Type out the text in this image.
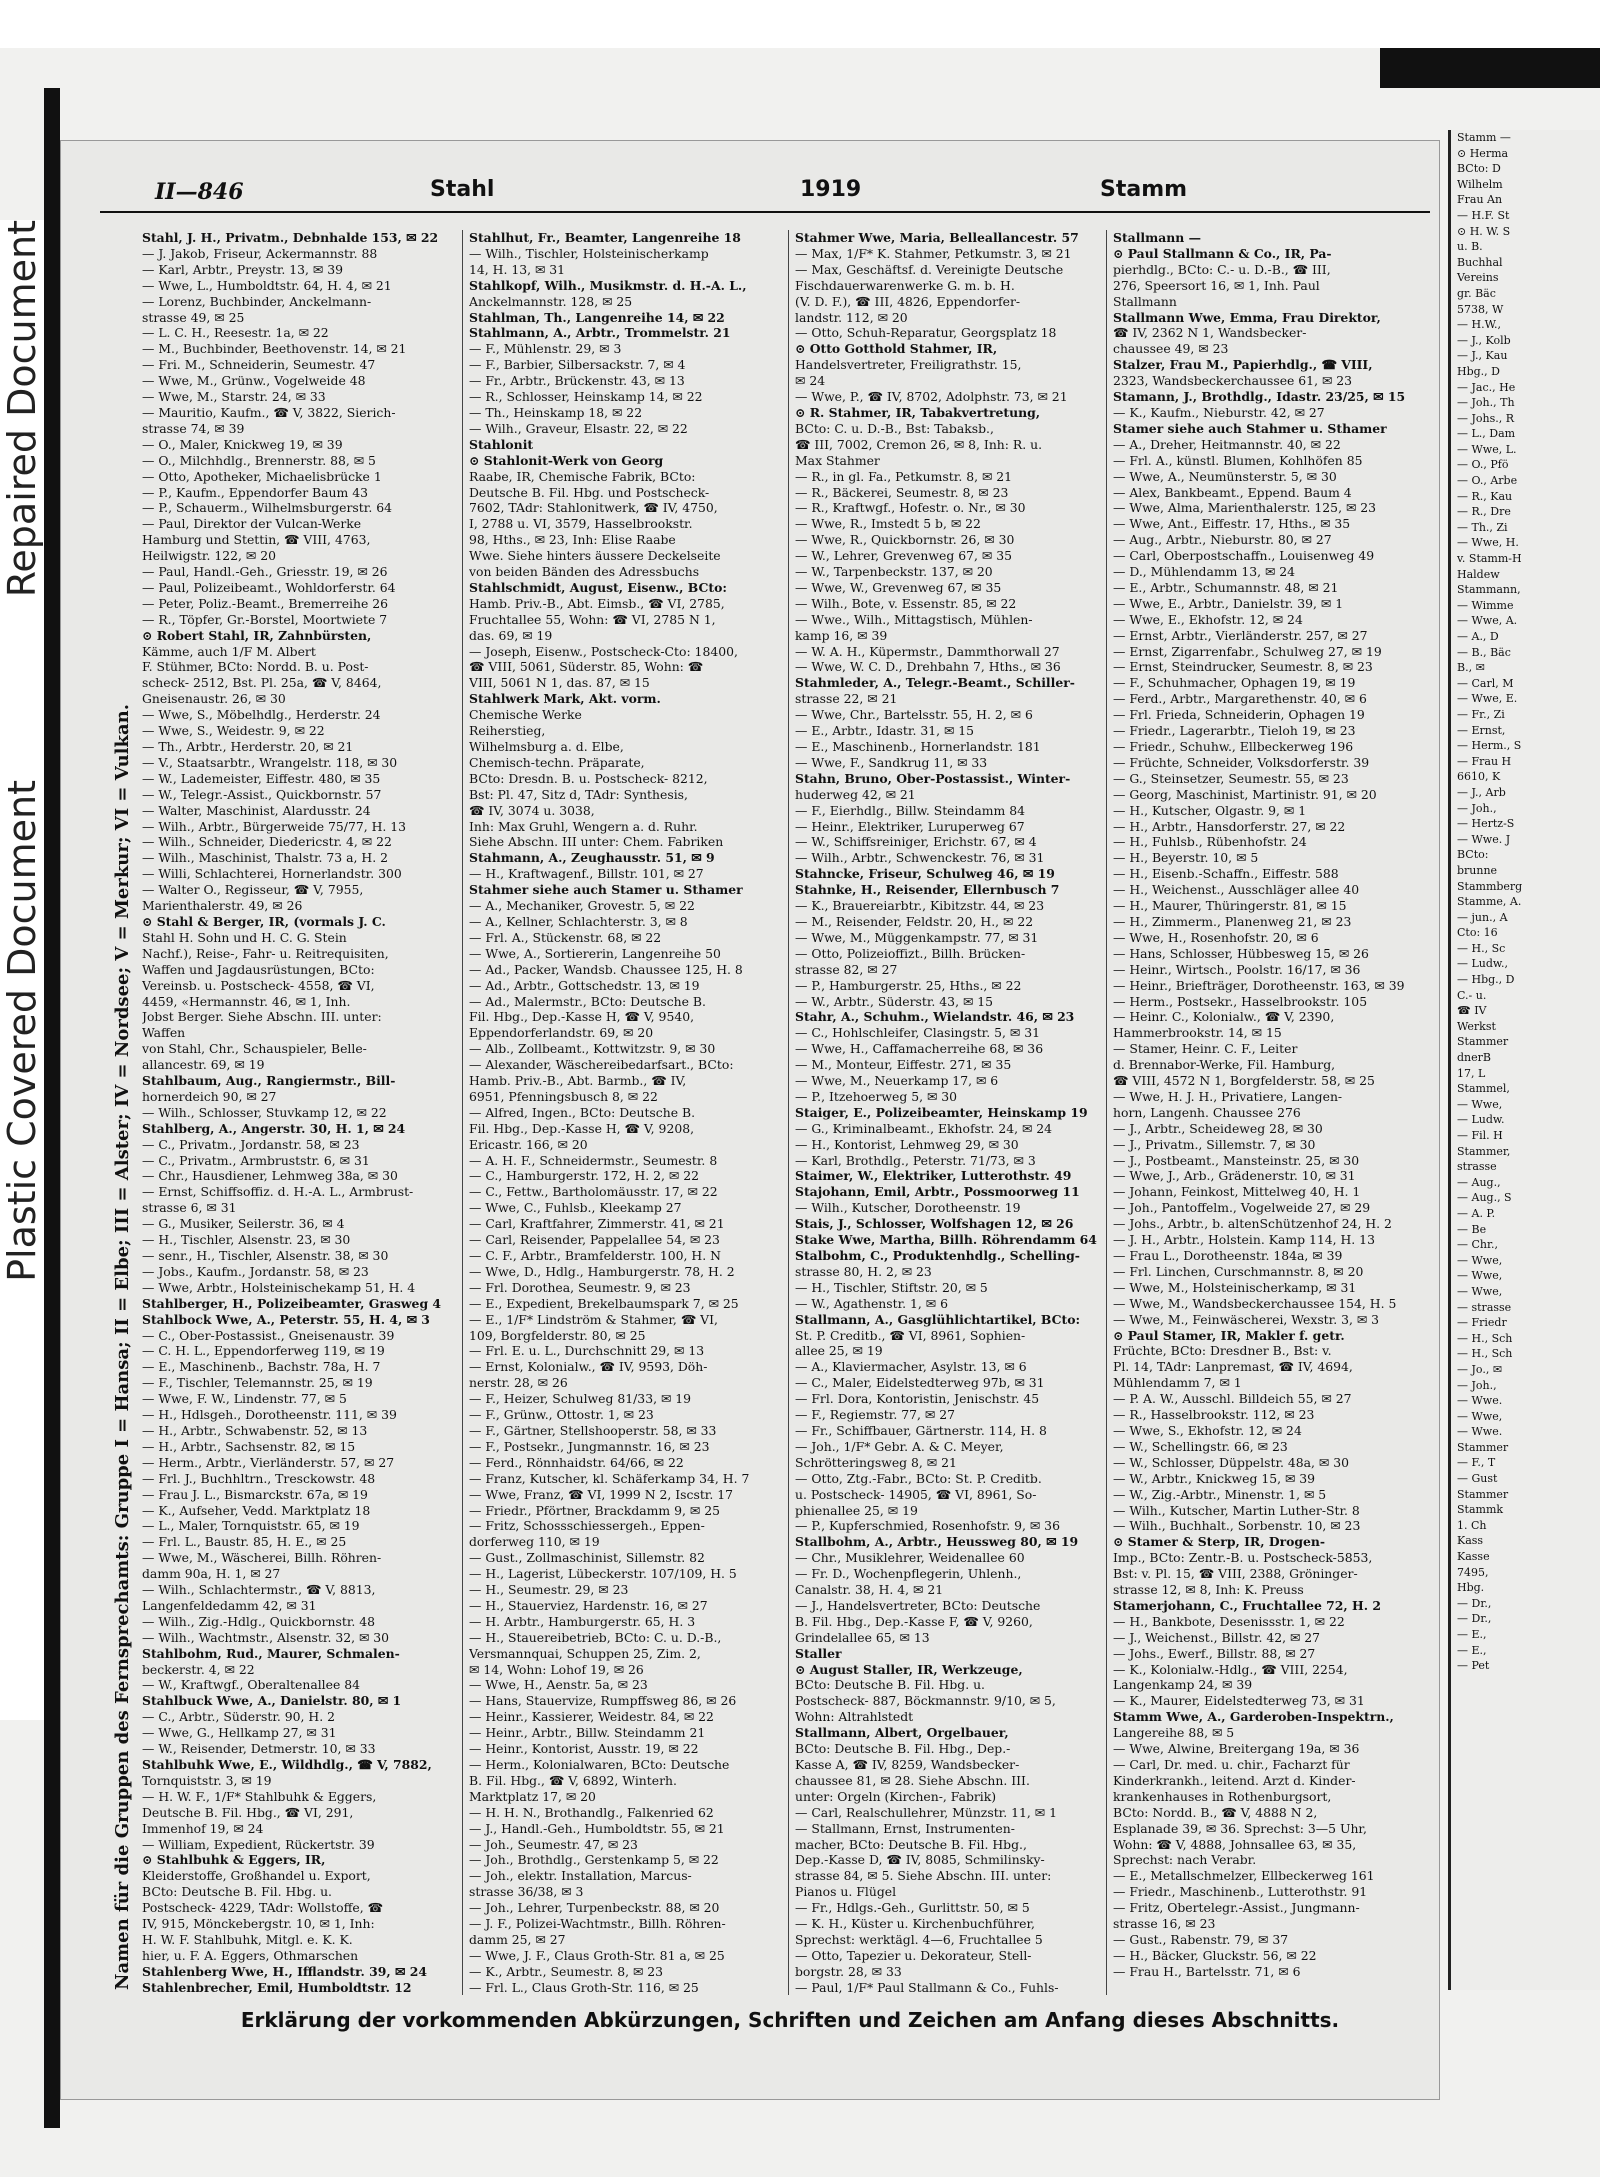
Repaired Document
Plastic Covered Document
II—846	Stahl	1919	Stamm
Namen für die Gruppen des Fernsprechamts: Gruppe I = Hansa; II = Elbe; III = Alster; IV = Nordsee; V = Merkur; VI = Vulkan.
Stahl, J. H., Privatm., Debnhalde 153, ✉ 22
— J. Jakob, Friseur, Ackermannstr. 88
— Karl, Arbtr., Preystr. 13, ✉ 39
— Wwe, L., Humboldtstr. 64, H. 4, ✉ 21
— Lorenz, Buchbinder, Anckelmann-
strasse 49, ✉ 25
— L. C. H., Reesestr. 1a, ✉ 22
— M., Buchbinder, Beethovenstr. 14, ✉ 21
— Fri. M., Schneiderin, Seumestr. 47
— Wwe, M., Grünw., Vogelweide 48
— Wwe, M., Starstr. 24, ✉ 33
— Mauritio, Kaufm., ☎ V, 3822, Sierich-
strasse 74, ✉ 39
— O., Maler, Knickweg 19, ✉ 39
— O., Milchhdlg., Brennerstr. 88, ✉ 5
— Otto, Apotheker, Michaelisbrücke 1
— P., Kaufm., Eppendorfer Baum 43
— P., Schauerm., Wilhelmsburgerstr. 64
— Paul, Direktor der Vulcan-Werke
Hamburg und Stettin, ☎ VIII, 4763,
Heilwigstr. 122, ✉ 20
— Paul, Handl.-Geh., Griesstr. 19, ✉ 26
— Paul, Polizeibeamt., Wohldorferstr. 64
— Peter, Poliz.-Beamt., Bremerreihe 26
— R., Töpfer, Gr.-Borstel, Moortwiete 7
⊙ Robert Stahl, IR, Zahnbürsten,
Kämme, auch 1/F M. Albert
F. Stühmer, BCto: Nordd. B. u. Post-
scheck- 2512, Bst. Pl. 25a, ☎ V, 8464,
Gneisenaustr. 26, ✉ 30
— Wwe, S., Möbelhdlg., Herderstr. 24
— Wwe, S., Weidestr. 9, ✉ 22
— Th., Arbtr., Herderstr. 20, ✉ 21
— V., Staatsarbtr., Wrangelstr. 118, ✉ 30
— W., Lademeister, Eiffestr. 480, ✉ 35
— W., Telegr.-Assist., Quickbornstr. 57
— Walter, Maschinist, Alardusstr. 24
— Wilh., Arbtr., Bürgerweide 75/77, H. 13
— Wilh., Schneider, Diedericstr. 4, ✉ 22
— Wilh., Maschinist, Thalstr. 73 a, H. 2
— Willi, Schlachterei, Hornerlandstr. 300
— Walter O., Regisseur, ☎ V, 7955,
Marienthalerstr. 49, ✉ 26
⊙ Stahl & Berger, IR, (vormals J. C.
Stahl H. Sohn und H. C. G. Stein
Nachf.), Reise-, Fahr- u. Reitrequisiten,
Waffen und Jagdausrüstungen, BCto:
Vereinsb. u. Postscheck- 4558, ☎ VI,
4459, «Hermannstr. 46, ✉ 1, Inh.
Jobst Berger. Siehe Abschn. III. unter:
Waffen
von Stahl, Chr., Schauspieler, Belle-
allancestr. 69, ✉ 19
Stahlbaum, Aug., Rangiermstr., Bill-
hornerdeich 90, ✉ 27
— Wilh., Schlosser, Stuvkamp 12, ✉ 22
Stahlberg, A., Angerstr. 30, H. 1, ✉ 24
— C., Privatm., Jordanstr. 58, ✉ 23
— C., Privatm., Armbruststr. 6, ✉ 31
— Chr., Hausdiener, Lehmweg 38a, ✉ 30
— Ernst, Schiffsoffiz. d. H.-A. L., Armbrust-
strasse 6, ✉ 31
— G., Musiker, Seilerstr. 36, ✉ 4
— H., Tischler, Alsenstr. 23, ✉ 30
— senr., H., Tischler, Alsenstr. 38, ✉ 30
— Jobs., Kaufm., Jordanstr. 58, ✉ 23
— Wwe, Arbtr., Holsteinischekamp 51, H. 4
Stahlberger, H., Polizeibeamter, Grasweg 4
Stahlbock Wwe, A., Peterstr. 55, H. 4, ✉ 3
— C., Ober-Postassist., Gneisenaustr. 39
— C. H. L., Eppendorferweg 119, ✉ 19
— E., Maschinenb., Bachstr. 78a, H. 7
— F., Tischler, Telemannstr. 25, ✉ 19
— Wwe, F. W., Lindenstr. 77, ✉ 5
— H., Hdlsgeh., Dorotheenstr. 111, ✉ 39
— H., Arbtr., Schwabenstr. 52, ✉ 13
— H., Arbtr., Sachsenstr. 82, ✉ 15
— Herm., Arbtr., Vierländerstr. 57, ✉ 27
— Frl. J., Buchhltrn., Tresckowstr. 48
— Frau J. L., Bismarckstr. 67a, ✉ 19
— K., Aufseher, Vedd. Marktplatz 18
— L., Maler, Tornquiststr. 65, ✉ 19
— Frl. L., Baustr. 85, H. E., ✉ 25
— Wwe, M., Wäscherei, Billh. Röhren-
damm 90a, H. 1, ✉ 27
— Wilh., Schlachtermstr., ☎ V, 8813,
Langenfeldedamm 42, ✉ 31
— Wilh., Zig.-Hdlg., Quickbornstr. 48
— Wilh., Wachtmstr., Alsenstr. 32, ✉ 30
Stahlbohm, Rud., Maurer, Schmalen-
beckerstr. 4, ✉ 22
— W., Kraftwgf., Oberaltenallee 84
Stahlbuck Wwe, A., Danielstr. 80, ✉ 1
— C., Arbtr., Süderstr. 90, H. 2
— Wwe, G., Hellkamp 27, ✉ 31
— W., Reisender, Detmerstr. 10, ✉ 33
Stahlbuhk Wwe, E., Wildhdlg., ☎ V, 7882,
Tornquiststr. 3, ✉ 19
— H. W. F., 1/F* Stahlbuhk & Eggers,
Deutsche B. Fil. Hbg., ☎ VI, 291,
Immenhof 19, ✉ 24
— William, Expedient, Rückertstr. 39
⊙ Stahlbuhk & Eggers, IR,
Kleiderstoffe, Großhandel u. Export,
BCto: Deutsche B. Fil. Hbg. u.
Postscheck- 4229, TAdr: Wollstoffe, ☎
IV, 915, Mönckebergstr. 10, ✉ 1, Inh:
H. W. F. Stahlbuhk, Mitgl. e. K. K.
hier, u. F. A. Eggers, Othmarschen
Stahlenberg Wwe, H., Ifflandstr. 39, ✉ 24
Stahlenbrecher, Emil, Humboldtstr. 12
Stahlhut, Fr., Beamter, Langenreihe 18
— Wilh., Tischler, Holsteinischerkamp
14, H. 13, ✉ 31
Stahlkopf, Wilh., Musikmstr. d. H.-A. L.,
Anckelmannstr. 128, ✉ 25
Stahlman, Th., Langenreihe 14, ✉ 22
Stahlmann, A., Arbtr., Trommelstr. 21
— F., Mühlenstr. 29, ✉ 3
— F., Barbier, Silbersackstr. 7, ✉ 4
— Fr., Arbtr., Brückenstr. 43, ✉ 13
— R., Schlosser, Heinskamp 14, ✉ 22
— Th., Heinskamp 18, ✉ 22
— Wilh., Graveur, Elsastr. 22, ✉ 22
Stahlonit
⊙ Stahlonit-Werk von Georg
Raabe, IR, Chemische Fabrik, BCto:
Deutsche B. Fil. Hbg. und Postscheck-
7602, TAdr: Stahlonitwerk, ☎ IV, 4750,
I, 2788 u. VI, 3579, Hasselbrookstr.
98, Hths., ✉ 23, Inh: Elise Raabe
Wwe. Siehe hinters äussere Deckelseite
von beiden Bänden des Adressbuchs
Stahlschmidt, August, Eisenw., BCto:
Hamb. Priv.-B., Abt. Eimsb., ☎ VI, 2785,
Fruchtallee 55, Wohn: ☎ VI, 2785 N 1,
das. 69, ✉ 19
— Joseph, Eisenw., Postscheck-Cto: 18400,
☎ VIII, 5061, Süderstr. 85, Wohn: ☎
VIII, 5061 N 1, das. 87, ✉ 15
Stahlwerk Mark, Akt. vorm.
Chemische Werke
Reiherstieg,
Wilhelmsburg a. d. Elbe,
Chemisch-techn. Präparate,
BCto: Dresdn. B. u. Postscheck- 8212,
Bst: Pl. 47, Sitz d, TAdr: Synthesis,
☎ IV, 3074 u. 3038,
Inh: Max Gruhl, Wengern a. d. Ruhr.
Siehe Abschn. III unter: Chem. Fabriken
Stahmann, A., Zeughausstr. 51, ✉ 9
— H., Kraftwagenf., Billstr. 101, ✉ 27
Stahmer siehe auch Stamer u. Sthamer
— A., Mechaniker, Grovestr. 5, ✉ 22
— A., Kellner, Schlachterstr. 3, ✉ 8
— Frl. A., Stückenstr. 68, ✉ 22
— Wwe, A., Sortiererin, Langenreihe 50
— Ad., Packer, Wandsb. Chaussee 125, H. 8
— Ad., Arbtr., Gottschedstr. 13, ✉ 19
— Ad., Malermstr., BCto: Deutsche B.
Fil. Hbg., Dep.-Kasse H, ☎ V, 9540,
Eppendorferlandstr. 69, ✉ 20
— Alb., Zollbeamt., Kottwitzstr. 9, ✉ 30
— Alexander, Wäschereibedarfsart., BCto:
Hamb. Priv.-B., Abt. Barmb., ☎ IV,
6951, Pfenningsbusch 8, ✉ 22
— Alfred, Ingen., BCto: Deutsche B.
Fil. Hbg., Dep.-Kasse H, ☎ V, 9208,
Ericastr. 166, ✉ 20
— A. H. F., Schneidermstr., Seumestr. 8
— C., Hamburgerstr. 172, H. 2, ✉ 22
— C., Fettw., Bartholomäusstr. 17, ✉ 22
— Wwe, C., Fuhlsb., Kleekamp 27
— Carl, Kraftfahrer, Zimmerstr. 41, ✉ 21
— Carl, Reisender, Pappelallee 54, ✉ 23
— C. F., Arbtr., Bramfelderstr. 100, H. N
— Wwe, D., Hdlg., Hamburgerstr. 78, H. 2
— Frl. Dorothea, Seumestr. 9, ✉ 23
— E., Expedient, Brekelbaumspark 7, ✉ 25
— E., 1/F* Lindström & Stahmer, ☎ VI,
109, Borgfelderstr. 80, ✉ 25
— Frl. E. u. L., Durchschnitt 29, ✉ 13
— Ernst, Kolonialw., ☎ IV, 9593, Döh-
nerstr. 28, ✉ 26
— F., Heizer, Schulweg 81/33, ✉ 19
— F., Grünw., Ottostr. 1, ✉ 23
— F., Gärtner, Stellshooperstr. 58, ✉ 33
— F., Postsekr., Jungmannstr. 16, ✉ 23
— Ferd., Rönnhaidstr. 64/66, ✉ 22
— Franz, Kutscher, kl. Schäferkamp 34, H. 7
— Wwe, Franz, ☎ VI, 1999 N 2, Iscstr. 17
— Friedr., Pförtner, Brackdamm 9, ✉ 25
— Fritz, Schossschiessergeh., Eppen-
dorferweg 110, ✉ 19
— Gust., Zollmaschinist, Sillemstr. 82
— H., Lagerist, Lübeckerstr. 107/109, H. 5
— H., Seumestr. 29, ✉ 23
— H., Stauerviez, Hardenstr. 16, ✉ 27
— H. Arbtr., Hamburgerstr. 65, H. 3
— H., Stauereibetrieb, BCto: C. u. D.-B.,
Versmannquai, Schuppen 25, Zim. 2,
✉ 14, Wohn: Lohof 19, ✉ 26
— Wwe, H., Aenstr. 5a, ✉ 23
— Hans, Stauervize, Rumpffsweg 86, ✉ 26
— Heinr., Kassierer, Weidestr. 84, ✉ 22
— Heinr., Arbtr., Billw. Steindamm 21
— Heinr., Kontorist, Ausstr. 19, ✉ 22
— Herm., Kolonialwaren, BCto: Deutsche
B. Fil. Hbg., ☎ V, 6892, Winterh.
Marktplatz 17, ✉ 20
— H. H. N., Brothandlg., Falkenried 62
— J., Handl.-Geh., Humboldtstr. 55, ✉ 21
— Joh., Seumestr. 47, ✉ 23
— Joh., Brothdlg., Gerstenkamp 5, ✉ 22
— Joh., elektr. Installation, Marcus-
strasse 36/38, ✉ 3
— Joh., Lehrer, Turpenbeckstr. 88, ✉ 20
— J. F., Polizei-Wachtmstr., Billh. Röhren-
damm 25, ✉ 27
— Wwe, J. F., Claus Groth-Str. 81 a, ✉ 25
— K., Arbtr., Seumestr. 8, ✉ 23
— Frl. L., Claus Groth-Str. 116, ✉ 25
Stahmer Wwe, Maria, Belleallancestr. 57
— Max, 1/F* K. Stahmer, Petkumstr. 3, ✉ 21
— Max, Geschäftsf. d. Vereinigte Deutsche
Fischdauerwarenwerke G. m. b. H.
(V. D. F.), ☎ III, 4826, Eppendorfer-
landstr. 112, ✉ 20
— Otto, Schuh-Reparatur, Georgsplatz 18
⊙ Otto Gotthold Stahmer, IR,
Handelsvertreter, Freiligrathstr. 15,
✉ 24
— Wwe, P., ☎ IV, 8702, Adolphstr. 73, ✉ 21
⊙ R. Stahmer, IR, Tabakvertretung,
BCto: C. u. D.-B., Bst: Tabaksb.,
☎ III, 7002, Cremon 26, ✉ 8, Inh: R. u.
Max Stahmer
— R., in gl. Fa., Petkumstr. 8, ✉ 21
— R., Bäckerei, Seumestr. 8, ✉ 23
— R., Kraftwgf., Hofestr. o. Nr., ✉ 30
— Wwe, R., Imstedt 5 b, ✉ 22
— Wwe, R., Quickbornstr. 26, ✉ 30
— W., Lehrer, Grevenweg 67, ✉ 35
— W., Tarpenbeckstr. 137, ✉ 20
— Wwe, W., Grevenweg 67, ✉ 35
— Wilh., Bote, v. Essenstr. 85, ✉ 22
— Wwe., Wilh., Mittagstisch, Mühlen-
kamp 16, ✉ 39
— W. A. H., Küpermstr., Dammthorwall 27
— Wwe, W. C. D., Drehbahn 7, Hths., ✉ 36
Stahmleder, A., Telegr.-Beamt., Schiller-
strasse 22, ✉ 21
— Wwe, Chr., Bartelsstr. 55, H. 2, ✉ 6
— E., Arbtr., Idastr. 31, ✉ 15
— E., Maschinenb., Hornerlandstr. 181
— Wwe, F., Sandkrug 11, ✉ 33
Stahn, Bruno, Ober-Postassist., Winter-
huderweg 42, ✉ 21
— F., Eierhdlg., Billw. Steindamm 84
— Heinr., Elektriker, Luruperweg 67
— W., Schiffsreiniger, Erichstr. 67, ✉ 4
— Wilh., Arbtr., Schwenckestr. 76, ✉ 31
Stahncke, Friseur, Schulweg 46, ✉ 19
Stahnke, H., Reisender, Ellernbusch 7
— K., Brauereiarbtr., Kibitzstr. 44, ✉ 23
— M., Reisender, Feldstr. 20, H., ✉ 22
— Wwe, M., Müggenkampstr. 77, ✉ 31
— Otto, Polizeioffizt., Billh. Brücken-
strasse 82, ✉ 27
— P., Hamburgerstr. 25, Hths., ✉ 22
— W., Arbtr., Süderstr. 43, ✉ 15
Stahr, A., Schuhm., Wielandstr. 46, ✉ 23
— C., Hohlschleifer, Clasingstr. 5, ✉ 31
— Wwe, H., Caffamacherreihe 68, ✉ 36
— M., Monteur, Eiffestr. 271, ✉ 35
— Wwe, M., Neuerkamp 17, ✉ 6
— P., Itzehoerweg 5, ✉ 30
Staiger, E., Polizeibeamter, Heinskamp 19
— G., Kriminalbeamt., Ekhofstr. 24, ✉ 24
— H., Kontorist, Lehmweg 29, ✉ 30
— Karl, Brothdlg., Peterstr. 71/73, ✉ 3
Staimer, W., Elektriker, Lutterothstr. 49
Stajohann, Emil, Arbtr., Possmoorweg 11
— Wilh., Kutscher, Dorotheenstr. 19
Stais, J., Schlosser, Wolfshagen 12, ✉ 26
Stake Wwe, Martha, Billh. Röhrendamm 64
Stalbohm, C., Produktenhdlg., Schelling-
strasse 80, H. 2, ✉ 23
— H., Tischler, Stiftstr. 20, ✉ 5
— W., Agathenstr. 1, ✉ 6
Stallmann, A., Gasglühlichtartikel, BCto:
St. P. Creditb., ☎ VI, 8961, Sophien-
allee 25, ✉ 19
— A., Klaviermacher, Asylstr. 13, ✉ 6
— C., Maler, Eidelstedterweg 97b, ✉ 31
— Frl. Dora, Kontoristin, Jenischstr. 45
— F., Regiemstr. 77, ✉ 27
— Fr., Schiffbauer, Gärtnerstr. 114, H. 8
— Joh., 1/F* Gebr. A. & C. Meyer,
Schrötteringsweg 8, ✉ 21
— Otto, Ztg.-Fabr., BCto: St. P. Creditb.
u. Postscheck- 14905, ☎ VI, 8961, So-
phienallee 25, ✉ 19
— P., Kupferschmied, Rosenhofstr. 9, ✉ 36
Stallbohm, A., Arbtr., Heussweg 80, ✉ 19
— Chr., Musiklehrer, Weidenallee 60
— Fr. D., Wochenpflegerin, Uhlenh.,
Canalstr. 38, H. 4, ✉ 21
— J., Handelsvertreter, BCto: Deutsche
B. Fil. Hbg., Dep.-Kasse F, ☎ V, 9260,
Grindelallee 65, ✉ 13
Staller
⊙ August Staller, IR, Werkzeuge,
BCto: Deutsche B. Fil. Hbg. u.
Postscheck- 887, Böckmannstr. 9/10, ✉ 5,
Wohn: Altrahlstedt
Stallmann, Albert, Orgelbauer,
BCto: Deutsche B. Fil. Hbg., Dep.-
Kasse A, ☎ IV, 8259, Wandsbecker-
chaussee 81, ✉ 28. Siehe Abschn. III.
unter: Orgeln (Kirchen-, Fabrik)
— Carl, Realschullehrer, Münzstr. 11, ✉ 1
— Stallmann, Ernst, Instrumenten-
macher, BCto: Deutsche B. Fil. Hbg.,
Dep.-Kasse D, ☎ IV, 8085, Schmilinsky-
strasse 84, ✉ 5. Siehe Abschn. III. unter:
Pianos u. Flügel
— Fr., Hdlgs.-Geh., Gurlittstr. 50, ✉ 5
— K. H., Küster u. Kirchenbuchführer,
Sprechst: werktägl. 4—6, Fruchtallee 5
— Otto, Tapezier u. Dekorateur, Stell-
borgstr. 28, ✉ 33
— Paul, 1/F* Paul Stallmann & Co., Fuhls-
Stallmann —
⊙ Paul Stallmann & Co., IR, Pa-
pierhdlg., BCto: C.- u. D.-B., ☎ III,
276, Speersort 16, ✉ 1, Inh. Paul
Stallmann
Stallmann Wwe, Emma, Frau Direktor,
☎ IV, 2362 N 1, Wandsbecker-
chaussee 49, ✉ 23
Stalzer, Frau M., Papierhdlg., ☎ VIII,
2323, Wandsbeckerchaussee 61, ✉ 23
Stamann, J., Brothdlg., Idastr. 23/25, ✉ 15
— K., Kaufm., Nieburstr. 42, ✉ 27
Stamer siehe auch Stahmer u. Sthamer
— A., Dreher, Heitmannstr. 40, ✉ 22
— Frl. A., künstl. Blumen, Kohlhöfen 85
— Wwe, A., Neumünsterstr. 5, ✉ 30
— Alex, Bankbeamt., Eppend. Baum 4
— Wwe, Alma, Marienthalerstr. 125, ✉ 23
— Wwe, Ant., Eiffestr. 17, Hths., ✉ 35
— Aug., Arbtr., Nieburstr. 80, ✉ 27
— Carl, Oberpostschaffn., Louisenweg 49
— D., Mühlendamm 13, ✉ 24
— E., Arbtr., Schumannstr. 48, ✉ 21
— Wwe, E., Arbtr., Danielstr. 39, ✉ 1
— Wwe, E., Ekhofstr. 12, ✉ 24
— Ernst, Arbtr., Vierländerstr. 257, ✉ 27
— Ernst, Zigarrenfabr., Schulweg 27, ✉ 19
— Ernst, Steindrucker, Seumestr. 8, ✉ 23
— F., Schuhmacher, Ophagen 19, ✉ 19
— Ferd., Arbtr., Margarethenstr. 40, ✉ 6
— Frl. Frieda, Schneiderin, Ophagen 19
— Friedr., Lagerarbtr., Tieloh 19, ✉ 23
— Friedr., Schuhw., Ellbeckerweg 196
— Früchte, Schneider, Volksdorferstr. 39
— G., Steinsetzer, Seumestr. 55, ✉ 23
— Georg, Maschinist, Martinistr. 91, ✉ 20
— H., Kutscher, Olgastr. 9, ✉ 1
— H., Arbtr., Hansdorferstr. 27, ✉ 22
— H., Fuhlsb., Rübenhofstr. 24
— H., Beyerstr. 10, ✉ 5
— H., Eisenb.-Schaffn., Eiffestr. 588
— H., Weichenst., Ausschläger allee 40
— H., Maurer, Thüringerstr. 81, ✉ 15
— H., Zimmerm., Planenweg 21, ✉ 23
— Wwe, H., Rosenhofstr. 20, ✉ 6
— Hans, Schlosser, Hübbesweg 15, ✉ 26
— Heinr., Wirtsch., Poolstr. 16/17, ✉ 36
— Heinr., Briefträger, Dorotheenstr. 163, ✉ 39
— Herm., Postsekr., Hasselbrookstr. 105
— Heinr. C., Kolonialw., ☎ V, 2390,
Hammerbrookstr. 14, ✉ 15
— Stamer, Heinr. C. F., Leiter
d. Brennabor-Werke, Fil. Hamburg,
☎ VIII, 4572 N 1, Borgfelderstr. 58, ✉ 25
— Wwe, H. J. H., Privatiere, Langen-
horn, Langenh. Chaussee 276
— J., Arbtr., Scheideweg 28, ✉ 30
— J., Privatm., Sillemstr. 7, ✉ 30
— J., Postbeamt., Mansteinstr. 25, ✉ 30
— Wwe, J., Arb., Grädenerstr. 10, ✉ 31
— Johann, Feinkost, Mittelweg 40, H. 1
— Joh., Pantoffelm., Vogelweide 27, ✉ 29
— Johs., Arbtr., b. altenSchützenhof 24, H. 2
— J. H., Arbtr., Holstein. Kamp 114, H. 13
— Frau L., Dorotheenstr. 184a, ✉ 39
— Frl. Linchen, Curschmannstr. 8, ✉ 20
— Wwe, M., Holsteinischerkamp, ✉ 31
— Wwe, M., Wandsbeckerchaussee 154, H. 5
— Wwe, M., Feinwäscherei, Wexstr. 3, ✉ 3
⊙ Paul Stamer, IR, Makler f. getr.
Früchte, BCto: Dresdner B., Bst: v.
Pl. 14, TAdr: Lanpremast, ☎ IV, 4694,
Mühlendamm 7, ✉ 1
— P. A. W., Ausschl. Billdeich 55, ✉ 27
— R., Hasselbrookstr. 112, ✉ 23
— Wwe, S., Ekhofstr. 12, ✉ 24
— W., Schellingstr. 66, ✉ 23
— W., Schlosser, Düppelstr. 48a, ✉ 30
— W., Arbtr., Knickweg 15, ✉ 39
— W., Zig.-Arbtr., Minenstr. 1, ✉ 5
— Wilh., Kutscher, Martin Luther-Str. 8
— Wilh., Buchhalt., Sorbenstr. 10, ✉ 23
⊙ Stamer & Sterp, IR, Drogen-
Imp., BCto: Zentr.-B. u. Postscheck-5853,
Bst: v. Pl. 15, ☎ VIII, 2388, Gröninger-
strasse 12, ✉ 8, Inh: K. Preuss
Stamerjohann, C., Fruchtallee 72, H. 2
— H., Bankbote, Desenissstr. 1, ✉ 22
— J., Weichenst., Billstr. 42, ✉ 27
— Johs., Ewerf., Billstr. 88, ✉ 27
— K., Kolonialw.-Hdlg., ☎ VIII, 2254,
Langenkamp 24, ✉ 39
— K., Maurer, Eidelstedterweg 73, ✉ 31
Stamm Wwe, A., Garderoben-Inspektrn.,
Langereihe 88, ✉ 5
— Wwe, Alwine, Breitergang 19a, ✉ 36
— Carl, Dr. med. u. chir., Facharzt für
Kinderkrankh., leitend. Arzt d. Kinder-
krankenhauses in Rothenburgsort,
BCto: Nordd. B., ☎ V, 4888 N 2,
Esplanade 39, ✉ 36. Sprechst: 3—5 Uhr,
Wohn: ☎ V, 4888, Johnsallee 63, ✉ 35,
Sprechst: nach Verabr.
— E., Metallschmelzer, Ellbeckerweg 161
— Friedr., Maschinenb., Lutterothstr. 91
— Fritz, Obertelegr.-Assist., Jungmann-
strasse 16, ✉ 23
— Gust., Rabenstr. 79, ✉ 37
— H., Bäcker, Gluckstr. 56, ✉ 22
— Frau H., Bartelsstr. 71, ✉ 6
Stamm —
⊙ Herma
BCto: D
Wilhelm
Frau An
— H.F. St
⊙ H. W. S
u. B.
Buchhal
Vereins
gr. Bäc
5738, W
— H.W.,
— J., Kolb
— J., Kau
Hbg., D
— Jac., He
— Joh., Th
— Johs., R
— L., Dam
— Wwe, L.
— O., Pfö
— O., Arbe
— R., Kau
— R., Dre
— Th., Zi
— Wwe, H.
v. Stamm-H
Haldew
Stammann,
— Wimme
— Wwe, A.
— A., D
— B., Bäc
B., ✉
— Carl, M
— Wwe, E.
— Fr., Zi
— Ernst,
— Herm., S
— Frau H
6610, K
— J., Arb
— Joh.,
— Hertz-S
— Wwe. J
BCto:
brunne
Stammberg
Stamme, A.
— jun., A
Cto: 16
— H., Sc
— Ludw.,
— Hbg., D
C.- u.
☎ IV
Werkst
Stammer
dnerB
17, L
Stammel,
— Wwe,
— Ludw.
— Fil. H
Stammer,
strasse
— Aug.,
— Aug., S
— A. P.
— Be
— Chr.,
— Wwe,
— Wwe,
— Wwe,
— strasse
— Friedr
— H., Sch
— H., Sch
— Jo., ✉
— Joh.,
— Wwe.
— Wwe,
— Wwe.
Stammer
— F., T
— Gust
Stammer
Stammk
1. Ch
Kass
Kasse
7495,
Hbg.
— Dr.,
— Dr.,
— E.,
— E.,
— Pet
Erklärung der vorkommenden Abkürzungen, Schriften und Zeichen am Anfang dieses Abschnitts.
